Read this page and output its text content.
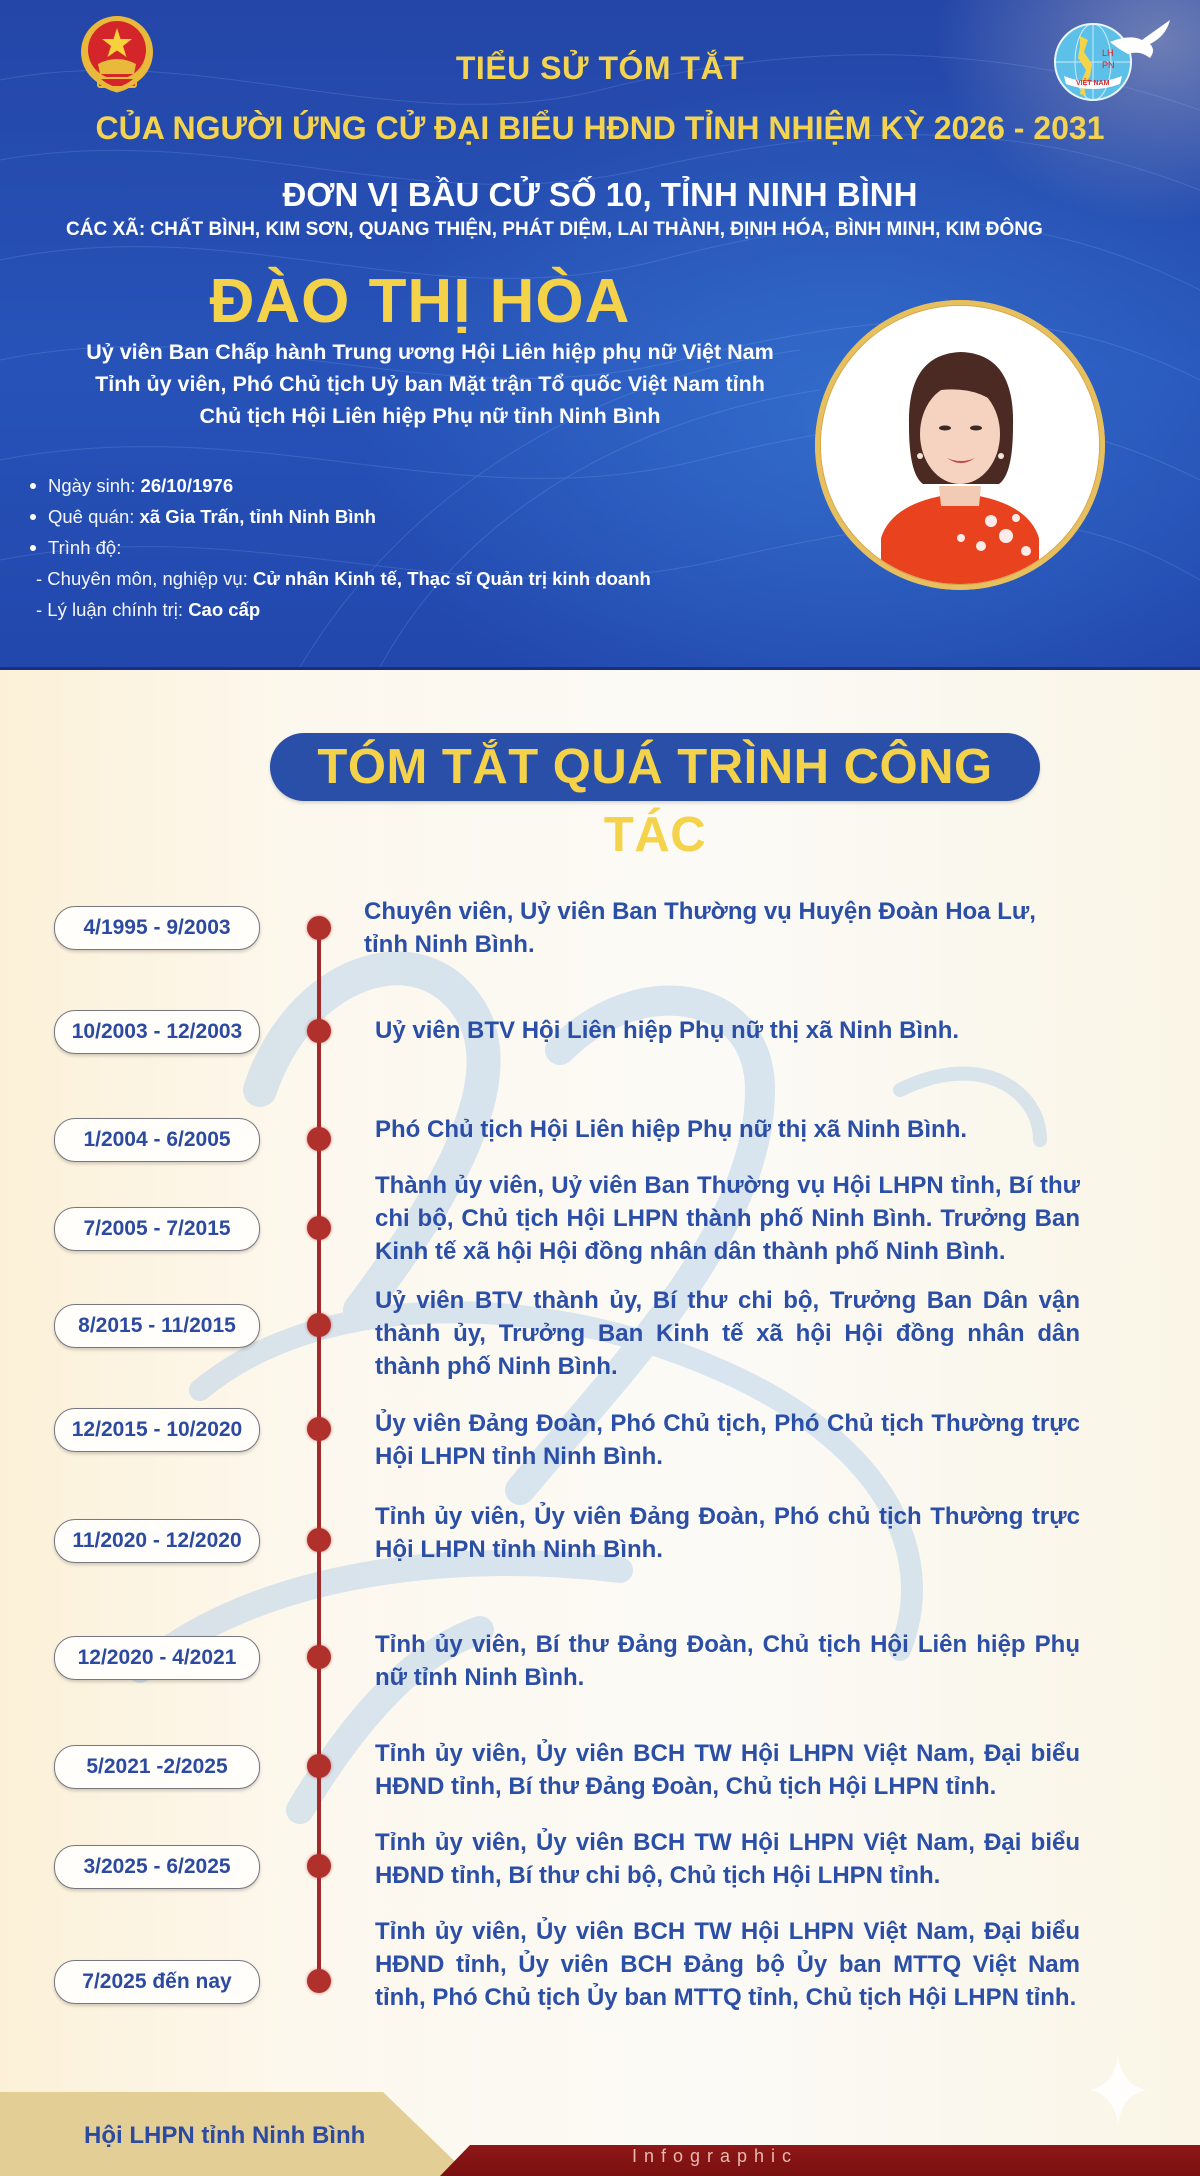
LH
PN
VIỆT NAM
TIỂU SỬ TÓM TẮT
CỦA NGƯỜI ỨNG CỬ ĐẠI BIỂU HĐND TỈNH NHIỆM KỲ 2026 - 2031
ĐƠN VỊ BẦU CỬ SỐ 10, TỈNH NINH BÌNH
CÁC XÃ: CHẤT BÌNH, KIM SƠN, QUANG THIỆN, PHÁT DIỆM, LAI THÀNH, ĐỊNH HÓA, BÌNH MINH, KIM ĐÔNG
ĐÀO THỊ HÒA
Uỷ viên Ban Chấp hành Trung ương Hội Liên hiệp phụ nữ Việt Nam
Tỉnh ủy viên, Phó Chủ tịch Uỷ ban Mặt trận Tổ quốc Việt Nam tỉnh
Chủ tịch Hội Liên hiệp Phụ nữ tỉnh Ninh Bình
Ngày sinh: 26/10/1976
Quê quán: xã Gia Trấn, tỉnh Ninh Bình
Trình độ:
- Chuyên môn, nghiệp vụ: Cử nhân Kinh tế, Thạc sĩ Quản trị kinh doanh
- Lý luận chính trị: Cao cấp
TÓM TẮT QUÁ TRÌNH CÔNG TÁC
4/1995 - 9/2003
Chuyên viên, Uỷ viên Ban Thường vụ Huyện Đoàn Hoa Lư, tỉnh Ninh Bình.
10/2003 - 12/2003	Uỷ viên BTV Hội Liên hiệp Phụ nữ thị xã Ninh Bình.
1/2004 - 6/2005	Phó Chủ tịch Hội Liên hiệp Phụ nữ thị xã Ninh Bình.
7/2005 - 7/2015
Thành ủy viên, Uỷ viên Ban Thường vụ Hội LHPN tỉnh, Bí thư chi bộ, Chủ tịch Hội LHPN thành phố Ninh Bình. Trưởng Ban Kinh tế xã hội Hội đồng nhân dân thành phố Ninh Bình.
8/2015 - 11/2015
Uỷ viên BTV thành ủy, Bí thư chi bộ, Trưởng Ban Dân vận thành ủy, Trưởng Ban Kinh tế xã hội Hội đồng nhân dân thành phố Ninh Bình.
12/2015 - 10/2020	Ủy viên Đảng Đoàn, Phó Chủ tịch, Phó Chủ tịch Thường trực Hội LHPN tỉnh Ninh Bình.
11/2020 - 12/2020
Tỉnh ủy viên, Ủy viên Đảng Đoàn, Phó chủ tịch Thường trực Hội LHPN tỉnh Ninh Bình.
12/2020 - 4/2021	Tỉnh ủy viên, Bí thư Đảng Đoàn, Chủ tịch Hội Liên hiệp Phụ nữ tỉnh Ninh Bình.
5/2021 -2/2025	Tỉnh ủy viên, Ủy viên BCH TW Hội LHPN Việt Nam, Đại biểu HĐND tỉnh, Bí thư Đảng Đoàn, Chủ tịch Hội LHPN tỉnh.
3/2025 - 6/2025
Tỉnh ủy viên, Ủy viên BCH TW Hội LHPN Việt Nam, Đại biểu HĐND tỉnh, Bí thư chi bộ, Chủ tịch Hội LHPN tỉnh.
7/2025 đến nay
Tỉnh ủy viên, Ủy viên BCH TW Hội LHPN Việt Nam, Đại biểu HĐND tỉnh, Ủy viên BCH Đảng bộ Ủy ban MTTQ Việt Nam tỉnh, Phó Chủ tịch Ủy ban MTTQ tỉnh, Chủ tịch Hội LHPN tỉnh.
Hội LHPN tỉnh Ninh Bình
Infographic
